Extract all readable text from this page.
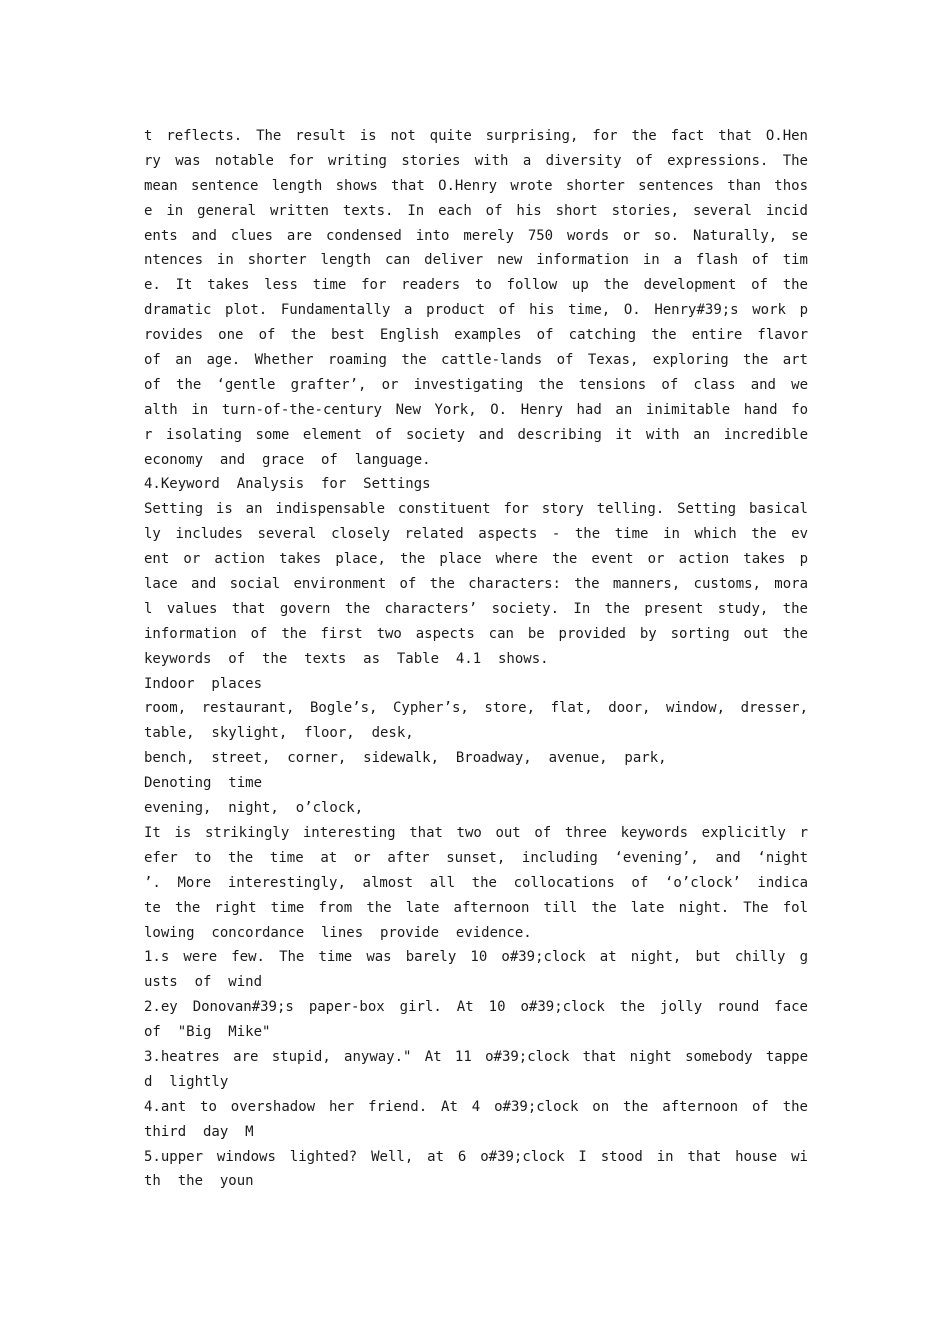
t reflects. The result is not quite surprising, for the fact that O.Hen
ry was notable for writing stories with a diversity of expressions. The
mean sentence length shows that O.Henry wrote shorter sentences than thos
e in general written texts. In each of his short stories, several incid
ents and clues are condensed into merely 750 words or so. Naturally, se
ntences in shorter length can deliver new information in a flash of tim
e. It takes less time for readers to follow up the development of the
dramatic plot. Fundamentally a product of his time, O. Henry#39;s work p
rovides one of the best English examples of catching the entire flavor
of an age. Whether roaming the cattle-lands of Texas, exploring the art
of the ‘gentle grafter’, or investigating the tensions of class and we
alth in turn-of-the-century New York, O. Henry had an inimitable hand fo
r isolating some element of society and describing it with an incredible
economy  and  grace  of  language.
4.Keyword  Analysis  for  Settings
Setting is an indispensable constituent for story telling. Setting basical
ly includes several closely related aspects - the time in which the ev
ent or action takes place, the place where the event or action takes p
lace and social environment of the characters: the manners, customs, mora
l values that govern the characters’ society. In the present study, the
information of the first two aspects can be provided by sorting out the
keywords  of  the  texts  as  Table  4.1  shows.
Indoor  places
room, restaurant, Bogle’s, Cypher’s, store, flat, door, window, dresser,
table,  skylight,  floor,  desk,
bench,  street,  corner,  sidewalk,  Broadway,  avenue,  park,
Denoting  time
evening,  night,  o’clock,
It is strikingly interesting that two out of three keywords explicitly r
efer to the time at or after sunset, including ‘evening’, and ‘night
’. More interestingly, almost all the collocations of ‘o’clock’ indica
te the right time from the late afternoon till the late night. The fol
lowing  concordance  lines  provide  evidence.
1.s were few. The time was barely 10 o#39;clock at night, but chilly g
usts  of  wind
2.ey Donovan#39;s paper-box girl. At 10 o#39;clock the jolly round face
of  "Big  Mike"
3.heatres are stupid, anyway." At 11 o#39;clock that night somebody tappe
d  lightly
4.ant to overshadow her friend. At 4 o#39;clock on the afternoon of the
third  day  M
5.upper windows lighted? Well, at 6 o#39;clock I stood in that house wi
th  the  youn
